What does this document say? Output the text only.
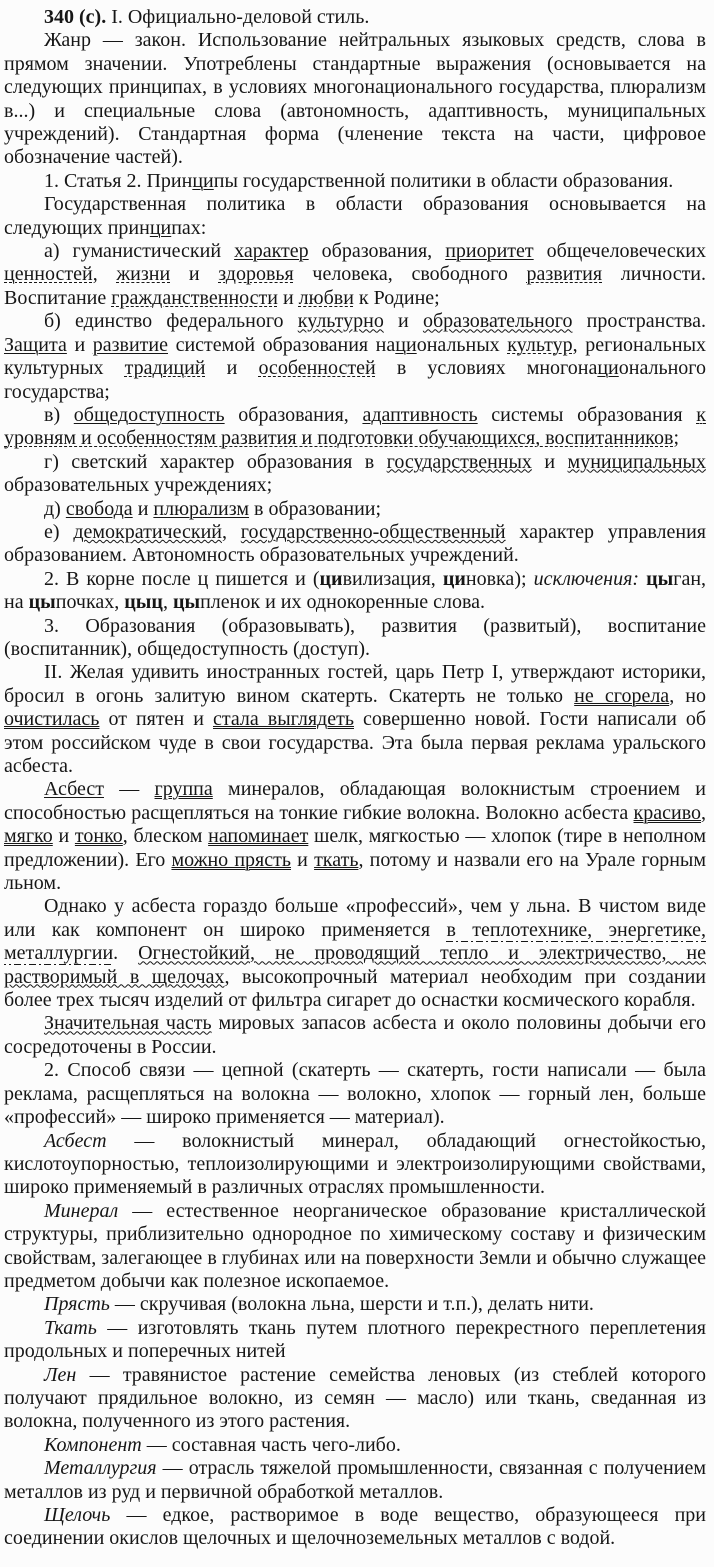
340 (с). I. Официально-деловой стиль.

Жанр — закон. Использование нейтральных языковых средств, слова в прямом значении. Употреблены стандартные выражения (основывается на следующих принципах, в условиях многонационального государства, плюрализм в...) и специальные слова (автономность, адаптивность, муниципальных учреждений). Стандартная форма (членение текста на части, цифровое обозначение частей).

1. Статья 2. Принципы государственной политики в области образования.

Государственная политика в области образования основывается на следующих принципах:

а) гуманистический характер образования, приоритет общечеловеческих ценностей, жизни и здоровья человека, свободного развития личности. Воспитание гражданственности и любви к Родине;

б) единство федерального культурно и образовательного пространства. Защита и развитие системой образования национальных культур, региональных культурных традиций и особенностей в условиях многонационального государства;

в) общедоступность образования, адаптивность системы образования к уровням и особенностям развития и подготовки обучающихся, воспитанников;

г) светский характер образования в государственных и муниципальных образовательных учреждениях;

д) свобода и плюрализм в образовании;

е) демократический, государственно-общественный характер управления образованием. Автономность образовательных учреждений.

2. В корне после ц пишется и (цивилизация, циновка); исключения: цыган, на цыпочках, цыц, цыпленок и их однокоренные слова.

3. Образования (образовывать), развития (развитый), воспитание (воспитанник), общедоступность (доступ).

II. Желая удивить иностранных гостей, царь Петр I, утверждают историки, бросил в огонь залитую вином скатерть. Скатерть не только не сгорела, но очистилась от пятен и стала выглядеть совершенно новой. Гости написали об этом российском чуде в свои государства. Эта была первая реклама уральского асбеста.

Асбест — группа минералов, обладающая волокнистым строением и способностью расщепляться на тонкие гибкие волокна. Волокно асбеста красиво, мягко и тонко, блеском напоминает шелк, мягкостью — хлопок (тире в неполном предложении). Его можно прясть и ткать, потому и назвали его на Урале горным льном.

Однако у асбеста гораздо больше «профессий», чем у льна. В чистом виде или как компонент он широко применяется в теплотехнике, энергетике, металлургии. Огнестойкий, не проводящий тепло и электричество, не растворимый в щелочах, высокопрочный материал необходим при создании более трех тысяч изделий от фильтра сигарет до оснастки космического корабля.

Значительная часть мировых запасов асбеста и около половины добычи его сосредоточены в России.

2. Способ связи — цепной (скатерть — скатерть, гости написали — была реклама, расщепляться на волокна — волокно, хлопок — горный лен, больше «профессий» — широко применяется — материал).

Асбест — волокнистый минерал, обладающий огнестойкостью, кислотоупорностью, теплоизолирующими и электроизолирующими свойствами, широко применяемый в различных отраслях промышленности.

Минерал — естественное неорганическое образование кристаллической структуры, приблизительно однородное по химическому составу и физическим свойствам, залегающее в глубинах или на поверхности Земли и обычно служащее предметом добычи как полезное ископаемое.

Прясть — скручивая (волокна льна, шерсти и т.п.), делать нити.

Ткать — изготовлять ткань путем плотного перекрестного переплетения продольных и поперечных нитей

Лен — травянистое растение семейства леновых (из стеблей которого получают прядильное волокно, из семян — масло) или ткань, сведанная из волокна, полученного из этого растения.

Компонент — составная часть чего-либо.

Металлургия — отрасль тяжелой промышленности, связанная с получением металлов из руд и первичной обработкой металлов.

Щелочь — едкое, растворимое в воде вещество, образующееся при соединении окислов щелочных и щелочноземельных металлов с водой.
